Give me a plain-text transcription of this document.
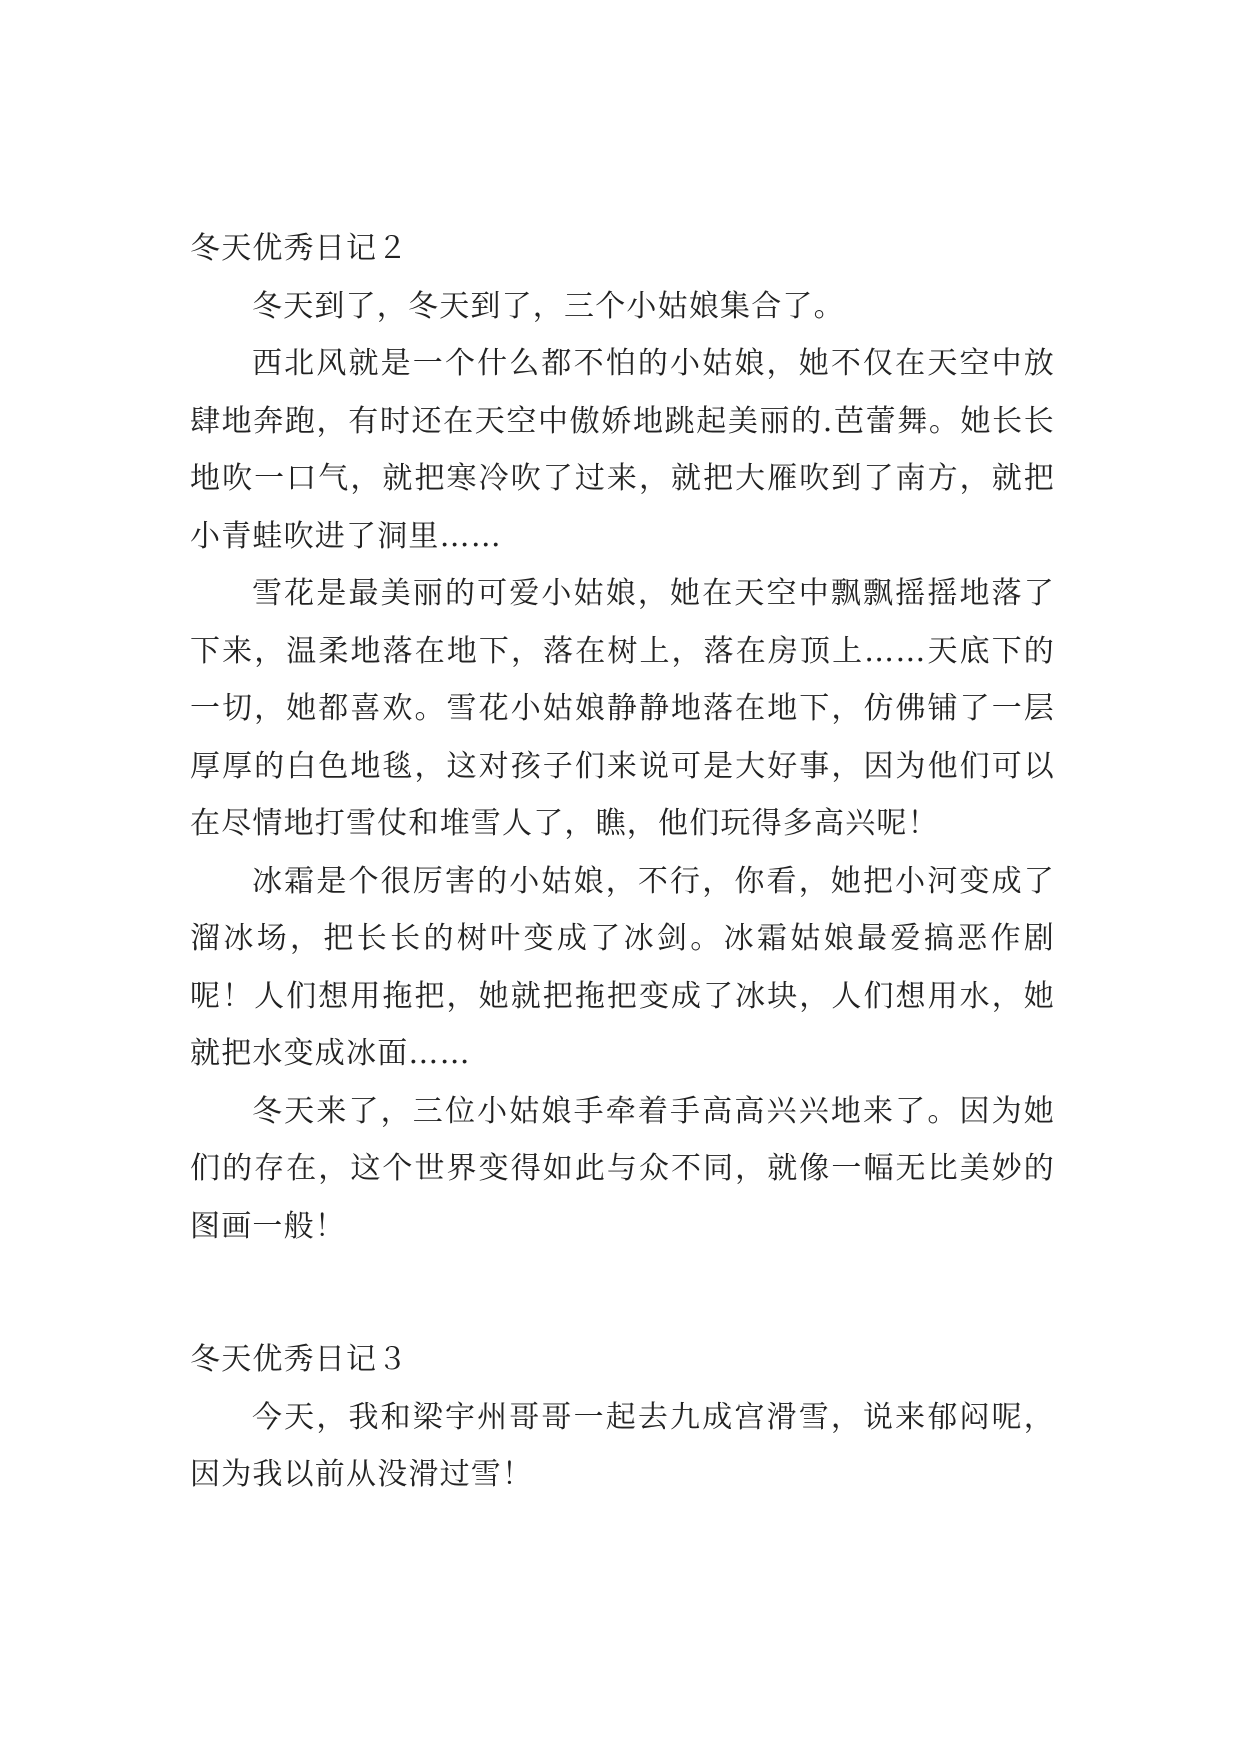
冬天优秀日记２

冬天到了，冬天到了，三个小姑娘集合了。

西北风就是一个什么都不怕的小姑娘，她不仅在天空中放肆地奔跑，有时还在天空中傲娇地跳起美丽的.芭蕾舞。她长长地吹一口气，就把寒冷吹了过来，就把大雁吹到了南方，就把小青蛙吹进了洞里……

雪花是最美丽的可爱小姑娘，她在天空中飘飘摇摇地落了下来，温柔地落在地下，落在树上，落在房顶上……天底下的一切，她都喜欢。雪花小姑娘静静地落在地下，仿佛铺了一层厚厚的白色地毯，这对孩子们来说可是大好事，因为他们可以在尽情地打雪仗和堆雪人了，瞧，他们玩得多高兴呢！

冰霜是个很厉害的小姑娘，不行，你看，她把小河变成了溜冰场，把长长的树叶变成了冰剑。冰霜姑娘最爱搞恶作剧呢！人们想用拖把，她就把拖把变成了冰块，人们想用水，她就把水变成冰面……

冬天来了，三位小姑娘手牵着手高高兴兴地来了。因为她们的存在，这个世界变得如此与众不同，就像一幅无比美妙的图画一般！

冬天优秀日记３

今天，我和梁宇州哥哥一起去九成宫滑雪，说来郁闷呢，因为我以前从没滑过雪！
